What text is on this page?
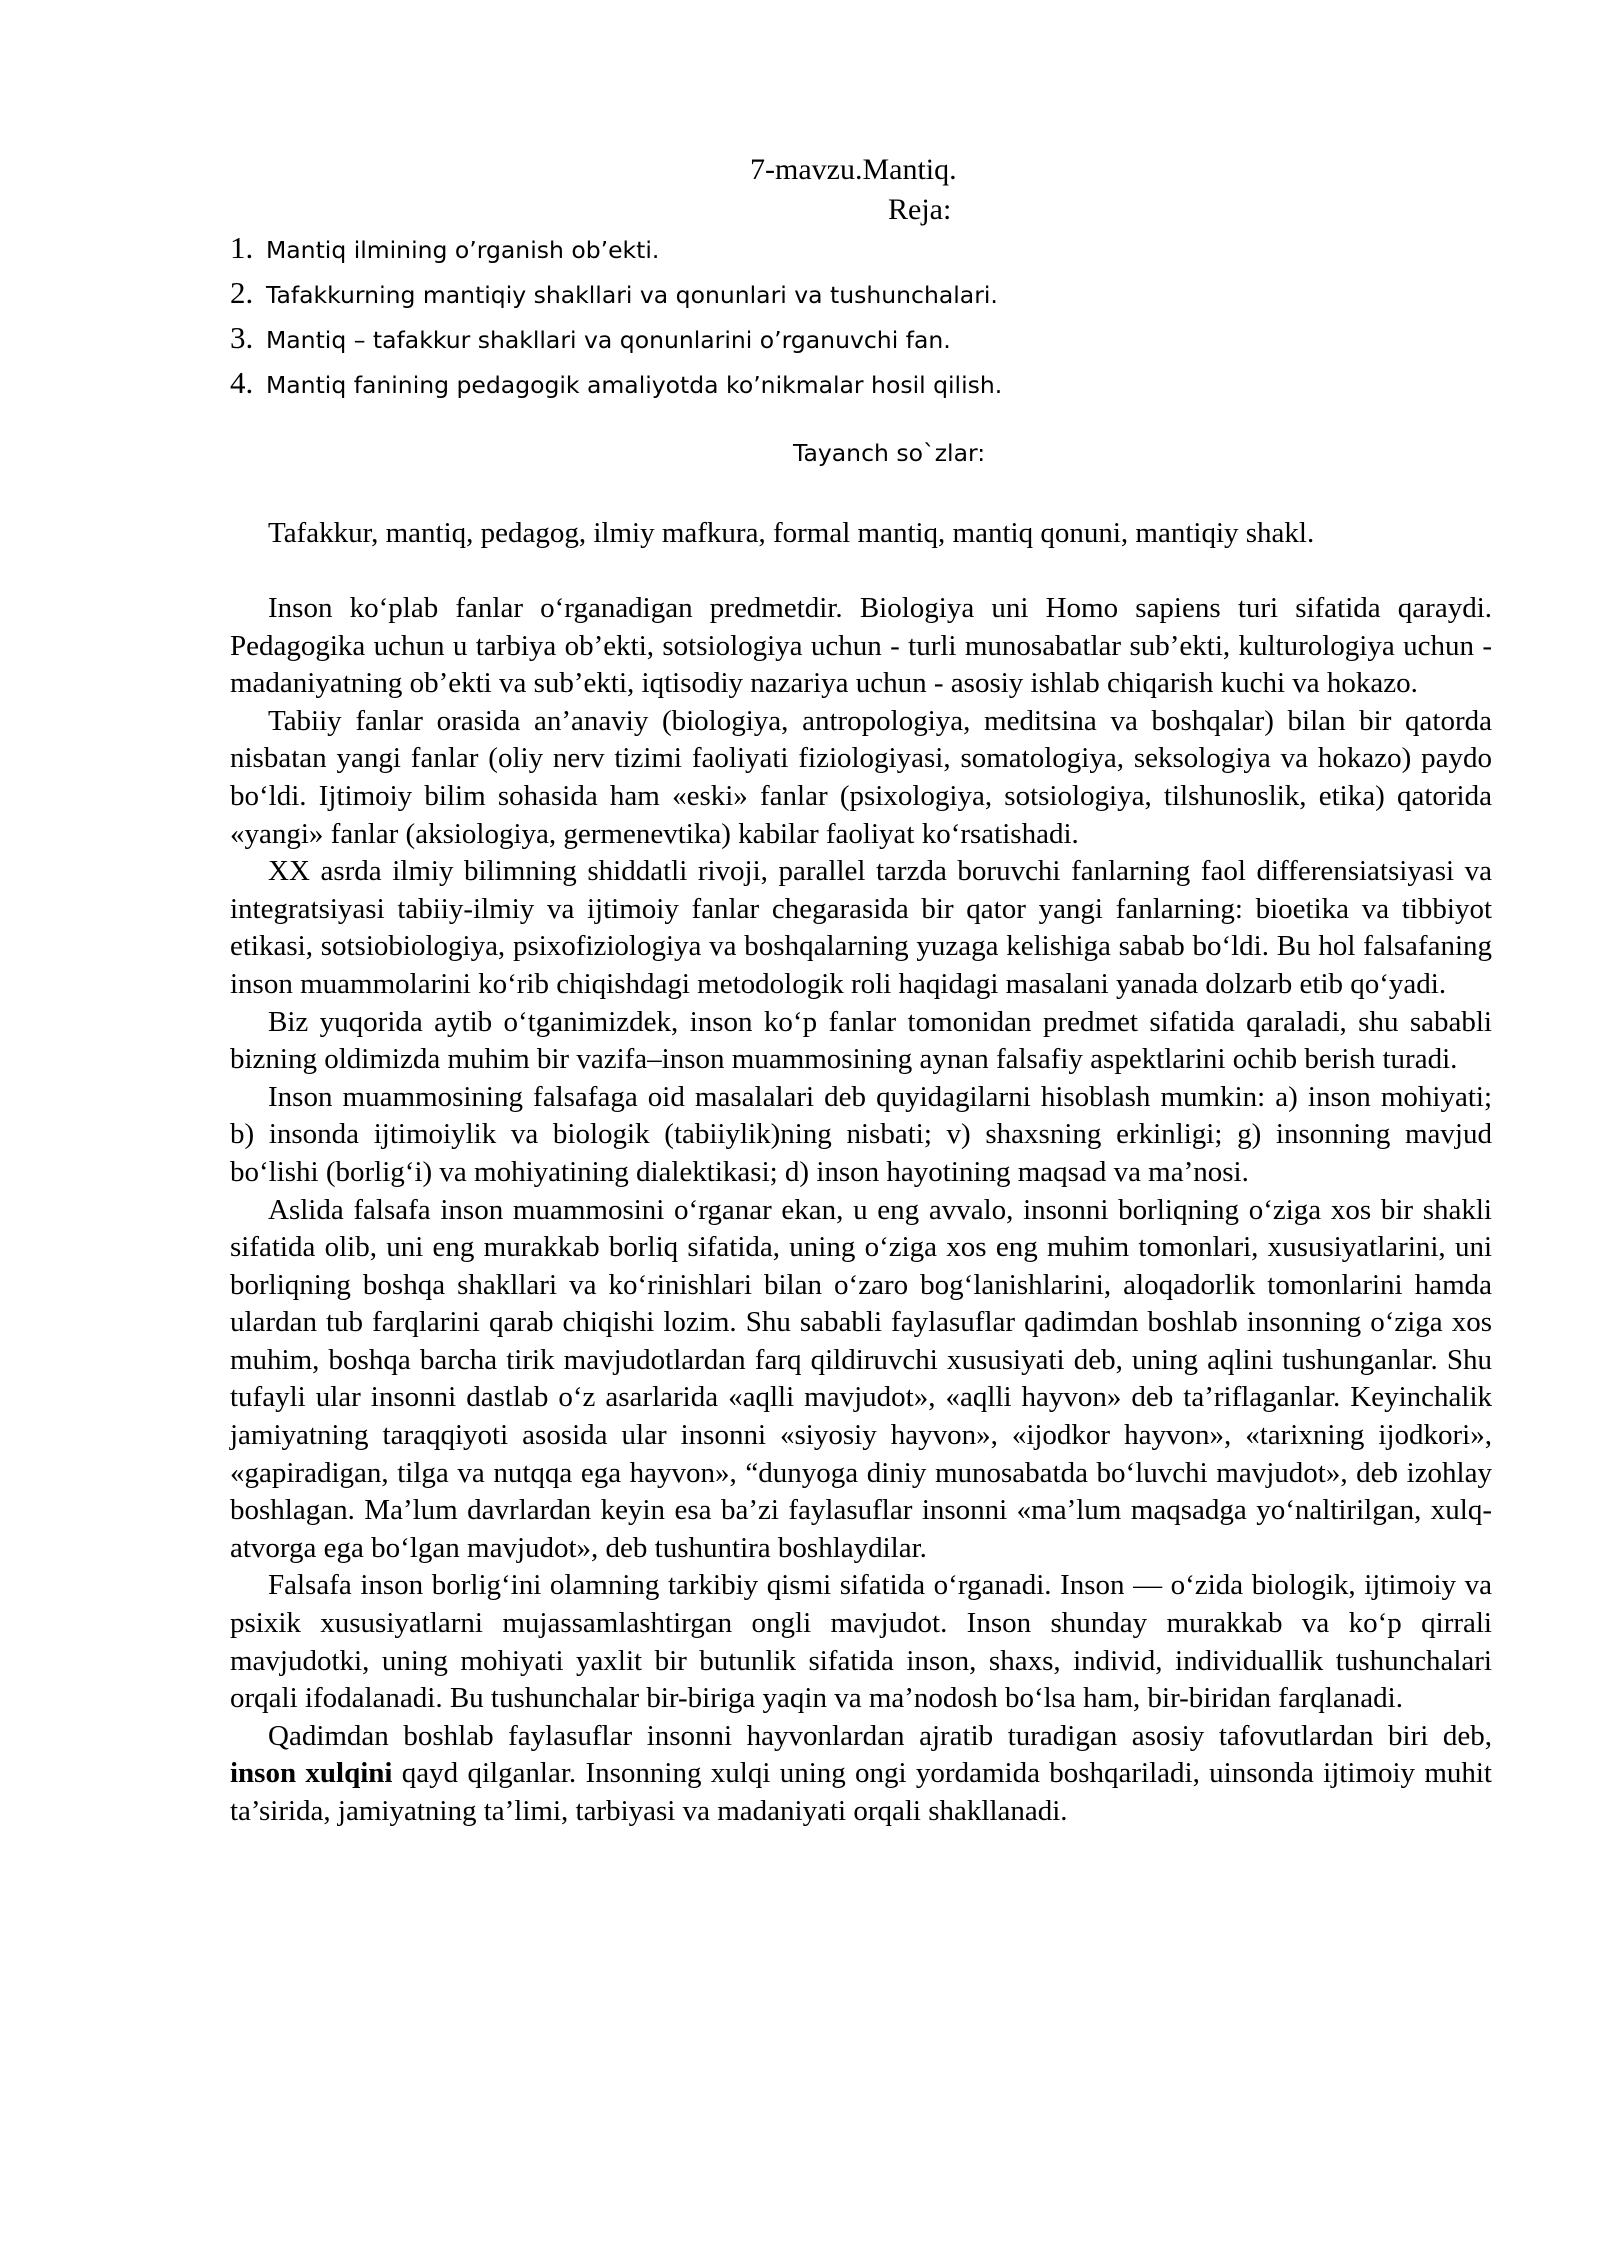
7-mavzu.Mantiq.
Reja:
1. Mantiq ilmining o’rganish ob’ekti.
2. Tafakkurning mantiqiy shakllari va qonunlari va tushunchalari.
3. Mantiq – tafakkur shakllari va qonunlarini o’rganuvchi fan.
4. Mantiq fanining pedagogik amaliyotda ko’nikmalar hosil qilish.
Tayanch so`zlar:
Tafakkur, mantiq, pedagog, ilmiy mafkura, formal mantiq, mantiq qonuni, mantiqiy shakl.

Inson ko‘plab fanlar o‘rganadigan predmetdir. Biologiya uni Homo sapiens turi sifatida qaraydi. Pedagogika uchun u tarbiya ob’ekti, sotsiologiya uchun - turli munosabatlar sub’ekti, kulturologiya uchun - madaniyatning ob’ekti va sub’ekti, iqtisodiy nazariya uchun - asosiy ishlab chiqarish kuchi va hokazo.

Tabiiy fanlar orasida an’anaviy (biologiya, antropologiya, meditsina va boshqalar) bilan bir qatorda nisbatan yangi fanlar (oliy nerv tizimi faoliyati fiziologiyasi, somatologiya, seksologiya va hokazo) paydo bo‘ldi. Ijtimoiy bilim sohasida ham «eski» fanlar (psixologiya, sotsiologiya, tilshunoslik, etika) qatorida «yangi» fanlar (aksiologiya, germenevtika) kabilar faoliyat ko‘rsatishadi.

XX asrda ilmiy bilimning shiddatli rivoji, parallel tarzda boruvchi fanlarning faol differensiatsiyasi va integratsiyasi tabiiy-ilmiy va ijtimoiy fanlar chegarasida bir qator yangi fanlarning: bioetika va tibbiyot etikasi, sotsiobiologiya, psixofiziologiya va boshqalarning yuzaga kelishiga sabab bo‘ldi. Bu hol falsafaning inson muammolarini ko‘rib chiqishdagi metodologik roli haqidagi masalani yanada dolzarb etib qo‘yadi.

Biz yuqorida aytib o‘tganimizdek, inson ko‘p fanlar tomonidan predmet sifatida qaraladi, shu sababli bizning oldimizda muhim bir vazifa–inson muammosining aynan falsafiy aspektlarini ochib berish turadi.

Inson muammosining falsafaga oid masalalari deb quyidagilarni hisoblash mumkin: a) inson mohiyati; b) insonda ijtimoiylik va biologik (tabiiylik)ning nisbati; v) shaxsning erkinligi; g) insonning mavjud bo‘lishi (borlig‘i) va mohiyatining dialektikasi; d) inson hayotining maqsad va ma’nosi.

Aslida falsafa inson muammosini o‘rganar ekan, u eng avvalo, insonni borliqning o‘ziga xos bir shakli sifatida olib, uni eng murakkab borliq sifatida, uning o‘ziga xos eng muhim tomonlari, xususiyatlarini, uni borliqning boshqa shakllari va ko‘rinishlari bilan o‘zaro bog‘lanishlarini, aloqadorlik tomonlarini hamda ulardan tub farqlarini qarab chiqishi lozim. Shu sababli faylasuflar qadimdan boshlab insonning o‘ziga xos muhim, boshqa barcha tirik mavjudotlardan farq qildiruvchi xususiyati deb, uning aqlini tushunganlar. Shu tufayli ular insonni dastlab o‘z asarlarida «aqlli mavjudot», «aqlli hayvon» deb ta’riflaganlar. Keyinchalik jamiyatning taraqqiyoti asosida ular insonni «siyosiy hayvon», «ijodkor hayvon», «tarixning ijodkori», «gapiradigan, tilga va nutqqa ega hayvon», “dunyoga diniy munosabatda bo‘luvchi mavjudot», deb izohlay boshlagan. Ma’lum davrlardan keyin esa ba’zi faylasuflar insonni «ma’lum maqsadga yo‘naltirilgan, xulq-atvorga ega bo‘lgan mavjudot», deb tushuntira boshlaydilar.

Falsafa inson borlig‘ini olamning tarkibiy qismi sifatida o‘rganadi. Inson — o‘zida biologik, ijtimoiy va psixik xususiyatlarni mujassamlashtirgan ongli mavjudot. Inson shunday murakkab va ko‘p qirrali mavjudotki, uning mohiyati yaxlit bir butunlik sifatida inson, shaxs, individ, individuallik tushunchalari orqali ifodalanadi. Bu tushunchalar bir-biriga yaqin va ma’nodosh bo‘lsa ham, bir-biridan farqlanadi.

Qadimdan boshlab faylasuflar insonni hayvonlardan ajratib turadigan asosiy tafovutlardan biri deb, inson xulqini qayd qilganlar. Insonning xulqi uning ongi yordamida boshqariladi, uinsonda ijtimoiy muhit ta’sirida, jamiyatning ta’limi, tarbiyasi va madaniyati orqali shakllanadi.
